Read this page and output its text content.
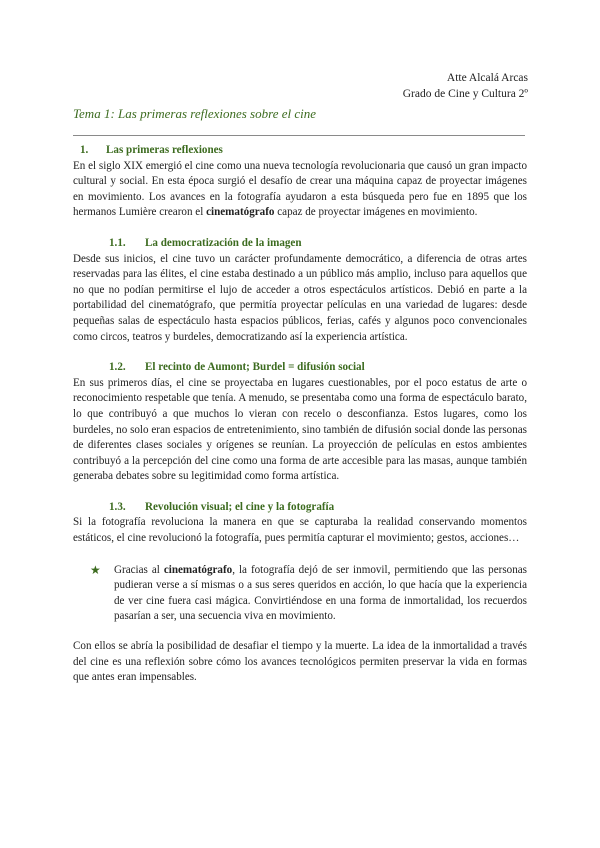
Atte Alcalá Arcas
Grado de Cine y Cultura 2º
Tema 1: Las primeras reflexiones sobre el cine
1. Las primeras reflexiones

En el siglo XIX emergió el cine como una nueva tecnología revolucionaria que causó un gran impacto cultural y social. En esta época surgió el desafío de crear una máquina capaz de proyectar imágenes en movimiento. Los avances en la fotografía ayudaron a esta búsqueda pero fue en 1895 que los hermanos Lumière crearon el cinematógrafo capaz de proyectar imágenes en movimiento.

1.1. La democratización de la imagen

Desde sus inicios, el cine tuvo un carácter profundamente democrático, a diferencia de otras artes reservadas para las élites, el cine estaba destinado a un público más amplio, incluso para aquellos que no que no podían permitirse el lujo de acceder a otros espectáculos artísticos. Debió en parte a la portabilidad del cinematógrafo, que permitía proyectar películas en una variedad de lugares: desde pequeñas salas de espectáculo hasta espacios públicos, ferias, cafés y algunos poco convencionales como circos, teatros y burdeles, democratizando así la experiencia artística.

1.2. El recinto de Aumont; Burdel = difusión social

En sus primeros días, el cine se proyectaba en lugares cuestionables, por el poco estatus de arte o reconocimiento respetable que tenía. A menudo, se presentaba como una forma de espectáculo barato, lo que contribuyó a que muchos lo vieran con recelo o desconfianza. Estos lugares, como los burdeles, no solo eran espacios de entretenimiento, sino también de difusión social donde las personas de diferentes clases sociales y orígenes se reunían. La proyección de películas en estos ambientes contribuyó a la percepción del cine como una forma de arte accesible para las masas, aunque también generaba debates sobre su legitimidad como forma artística.

1.3. Revolución visual; el cine y la fotografía

Si la fotografía revoluciona la manera en que se capturaba la realidad conservando momentos estáticos, el cine revolucionó la fotografía, pues permitía capturar el movimiento; gestos, acciones…

★	Gracias al cinematógrafo, la fotografía dejó de ser inmovil, permitiendo que las personas pudieran verse a sí mismas o a sus seres queridos en acción, lo que hacía que la experiencia de ver cine fuera casi mágica. Convirtiéndose en una forma de inmortalidad, los recuerdos pasarían a ser, una secuencia viva en movimiento.

Con ellos se abría la posibilidad de desafiar el tiempo y la muerte. La idea de la inmortalidad a través del cine es una reflexión sobre cómo los avances tecnológicos permiten preservar la vida en formas que antes eran impensables.
